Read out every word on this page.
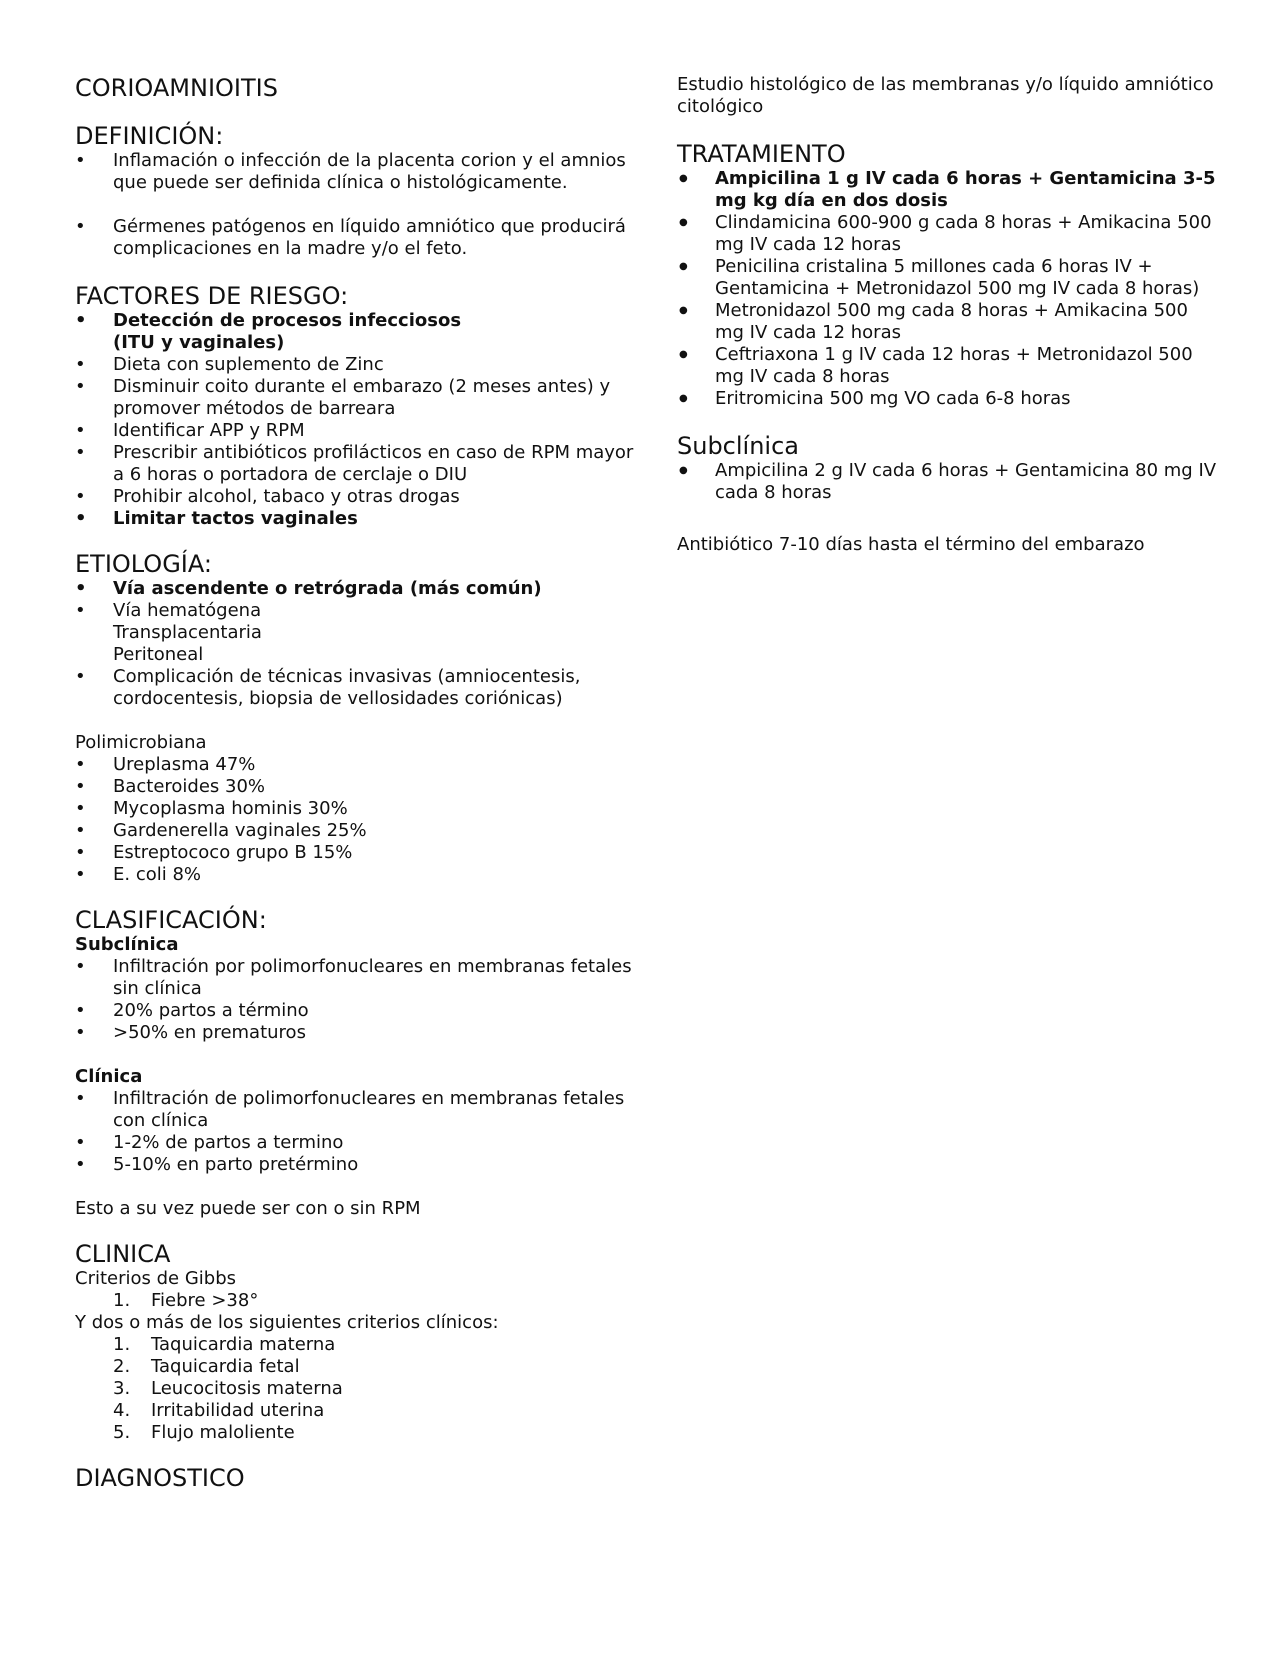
CORIOAMNIOITIS
DEFINICIÓN:
• Inflamación o infección de la placenta corion y el amnios que puede ser definida clínica o histológicamente.
• Gérmenes patógenos en líquido amniótico que producirá complicaciones en la madre y/o el feto.
FACTORES DE RIESGO:
• Detección de procesos infecciosos
(ITU y vaginales)
• Dieta con suplemento de Zinc
• Disminuir coito durante el embarazo (2 meses antes) y promover métodos de barreara
• Identificar APP y RPM
• Prescribir antibióticos profilácticos en caso de RPM mayor a 6 horas o portadora de cerclaje o DIU
• Prohibir alcohol, tabaco y otras drogas
• Limitar tactos vaginales
ETIOLOGÍA:
• Vía ascendente o retrógrada (más común)
• Vía hematógena
Transplacentaria
Peritoneal
• Complicación de técnicas invasivas (amniocentesis, cordocentesis, biopsia de vellosidades coriónicas)

Polimicrobiana

• Ureplasma 47%
• Bacteroides 30%
• Mycoplasma hominis 30%
• Gardenerella vaginales 25%
• Estreptococo grupo B 15%
• E. coli 8%
CLASIFICACIÓN:

Subclínica

• Infiltración por polimorfonucleares en membranas fetales sin clínica
• 20% partos a término
• >50% en prematuros

Clínica

• Infiltración de polimorfonucleares en membranas fetales con clínica
• 1-2% de partos a termino
• 5-10% en parto pretérmino

Esto a su vez puede ser con o sin RPM

CLINICA

Criterios de Gibbs

1. Fiebre >38°

Y dos o más de los siguientes criterios clínicos:

1. Taquicardia materna
2. Taquicardia fetal
3. Leucocitosis materna
4. Irritabilidad uterina
5. Flujo maloliente
DIAGNOSTICO

Estudio histológico de las membranas y/o líquido amniótico citológico

TRATAMIENTO
● Ampicilina 1 g IV cada 6 horas + Gentamicina 3-5 mg kg día en dos dosis
● Clindamicina 600-900 g cada 8 horas + Amikacina 500 mg IV cada 12 horas
● Penicilina cristalina 5 millones cada 6 horas IV + Gentamicina + Metronidazol 500 mg IV cada 8 horas)
● Metronidazol 500 mg cada 8 horas + Amikacina 500 mg IV cada 12 horas
● Ceftriaxona 1 g IV cada 12 horas + Metronidazol 500 mg IV cada 8 horas
● Eritromicina 500 mg VO cada 6-8 horas
Subclínica
● Ampicilina 2 g IV cada 6 horas + Gentamicina 80 mg IV cada 8 horas

Antibiótico 7-10 días hasta el término del embarazo
